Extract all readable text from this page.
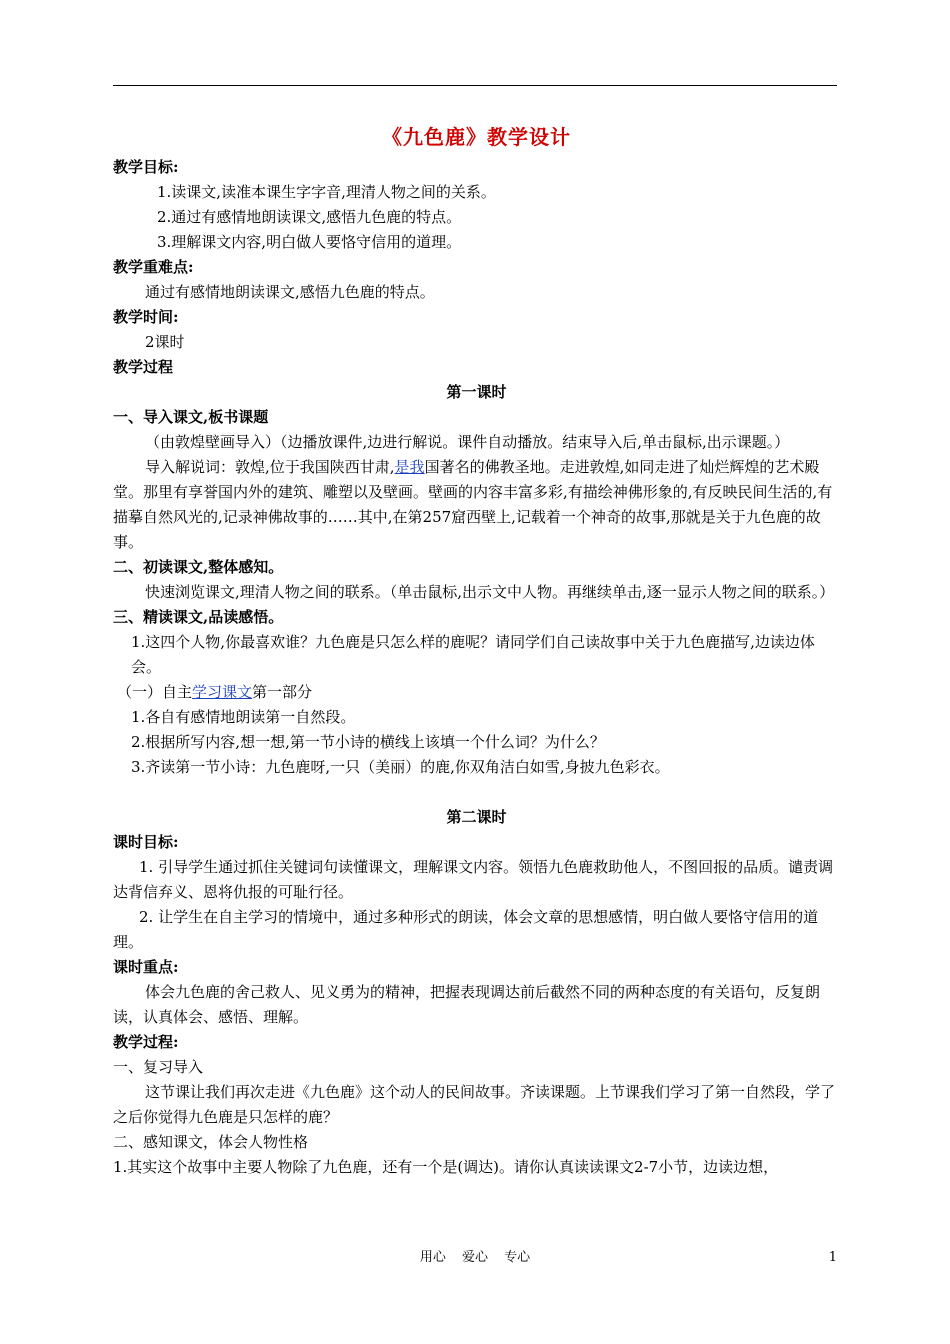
《九色鹿》教学设计
教学目标:
1.读课文,读准本课生字字音,理清人物之间的关系。
2.通过有感情地朗读课文,感悟九色鹿的特点。
3.理解课文内容,明白做人要恪守信用的道理。
教学重难点:
通过有感情地朗读课文,感悟九色鹿的特点。
教学时间:
2课时
教学过程
第一课时
一、导入课文,板书课题
（由敦煌壁画导入）（边播放课件,边进行解说。课件自动播放。结束导入后,单击鼠标,出示课题。）
导入解说词：敦煌,位于我国陕西甘肃,是我国著名的佛教圣地。走进敦煌,如同走进了灿烂辉煌的艺术殿堂。那里有享誉国内外的建筑、雕塑以及壁画。壁画的内容丰富多彩,有描绘神佛形象的,有反映民间生活的,有描摹自然风光的,记录神佛故事的……其中,在第257窟西壁上,记载着一个神奇的故事,那就是关于九色鹿的故事。
二、初读课文,整体感知。
快速浏览课文,理清人物之间的联系。（单击鼠标,出示文中人物。再继续单击,逐一显示人物之间的联系。）
三、精读课文,品读感悟。
1.这四个人物,你最喜欢谁？九色鹿是只怎么样的鹿呢？请同学们自己读故事中关于九色鹿描写,边读边体会。
（一）自主学习课文第一部分
1.各自有感情地朗读第一自然段。
2.根据所写内容,想一想,第一节小诗的横线上该填一个什么词？为什么？
3.齐读第一节小诗：九色鹿呀,一只（美丽）的鹿,你双角洁白如雪,身披九色彩衣。
第二课时
课时目标:
1. 引导学生通过抓住关键词句读懂课文，理解课文内容。领悟九色鹿救助他人，不图回报的品质。谴责调达背信弃义、恩将仇报的可耻行径。
2. 让学生在自主学习的情境中，通过多种形式的朗读，体会文章的思想感情，明白做人要恪守信用的道理。
课时重点:
体会九色鹿的舍己救人、见义勇为的精神，把握表现调达前后截然不同的两种态度的有关语句，反复朗读，认真体会、感悟、理解。
教学过程:
一、复习导入
这节课让我们再次走进《九色鹿》这个动人的民间故事。齐读课题。上节课我们学习了第一自然段，学了之后你觉得九色鹿是只怎样的鹿？
二、感知课文，体会人物性格
1.其实这个故事中主要人物除了九色鹿，还有一个是(调达)。请你认真读读课文2-7小节，边读边想，
用心 爱心 专心	1
